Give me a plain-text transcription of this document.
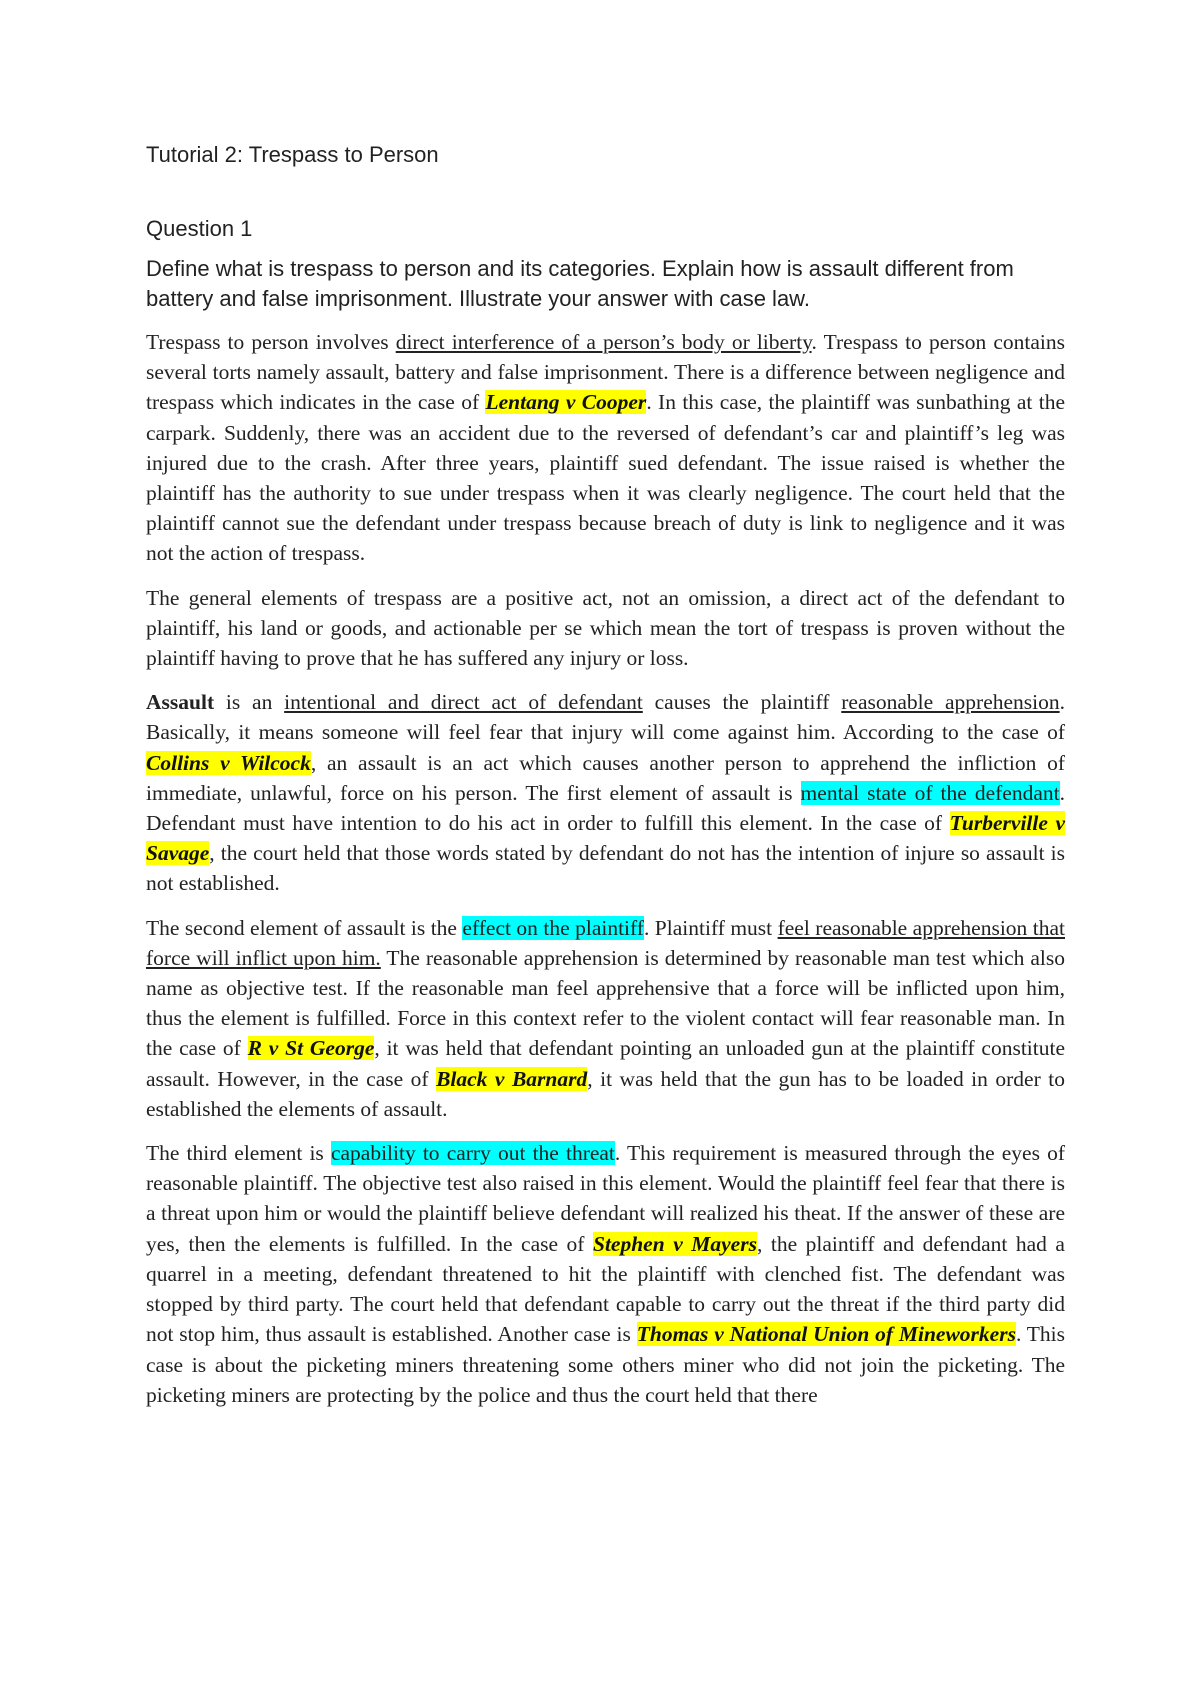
Tutorial 2: Trespass to Person
Question 1
Define what is trespass to person and its categories. Explain how is assault different from battery and false imprisonment. Illustrate your answer with case law.

Trespass to person involves direct interference of a person’s body or liberty. Trespass to person contains several torts namely assault, battery and false imprisonment. There is a difference between negligence and trespass which indicates in the case of Lentang v Cooper. In this case, the plaintiff was sunbathing at the carpark. Suddenly, there was an accident due to the reversed of defendant’s car and plaintiff’s leg was injured due to the crash. After three years, plaintiff sued defendant. The issue raised is whether the plaintiff has the authority to sue under trespass when it was clearly negligence. The court held that the plaintiff cannot sue the defendant under trespass because breach of duty is link to negligence and it was not the action of trespass.

The general elements of trespass are a positive act, not an omission, a direct act of the defendant to plaintiff, his land or goods, and actionable per se which mean the tort of trespass is proven without the plaintiff having to prove that he has suffered any injury or loss.

Assault is an intentional and direct act of defendant causes the plaintiff reasonable apprehension. Basically, it means someone will feel fear that injury will come against him. According to the case of Collins v Wilcock, an assault is an act which causes another person to apprehend the infliction of immediate, unlawful, force on his person. The first element of assault is mental state of the defendant. Defendant must have intention to do his act in order to fulfill this element. In the case of Turberville v Savage, the court held that those words stated by defendant do not has the intention of injure so assault is not established.

The second element of assault is the effect on the plaintiff. Plaintiff must feel reasonable apprehension that force will inflict upon him. The reasonable apprehension is determined by reasonable man test which also name as objective test. If the reasonable man feel apprehensive that a force will be inflicted upon him, thus the element is fulfilled. Force in this context refer to the violent contact will fear reasonable man. In the case of R v St George, it was held that defendant pointing an unloaded gun at the plaintiff constitute assault. However, in the case of Black v Barnard, it was held that the gun has to be loaded in order to established the elements of assault.

The third element is capability to carry out the threat. This requirement is measured through the eyes of reasonable plaintiff. The objective test also raised in this element. Would the plaintiff feel fear that there is a threat upon him or would the plaintiff believe defendant will realized his theat. If the answer of these are yes, then the elements is fulfilled. In the case of Stephen v Mayers, the plaintiff and defendant had a quarrel in a meeting, defendant threatened to hit the plaintiff with clenched fist. The defendant was stopped by third party. The court held that defendant capable to carry out the threat if the third party did not stop him, thus assault is established. Another case is Thomas v National Union of Mineworkers. This case is about the picketing miners threatening some others miner who did not join the picketing. The picketing miners are protecting by the police and thus the court held that there
